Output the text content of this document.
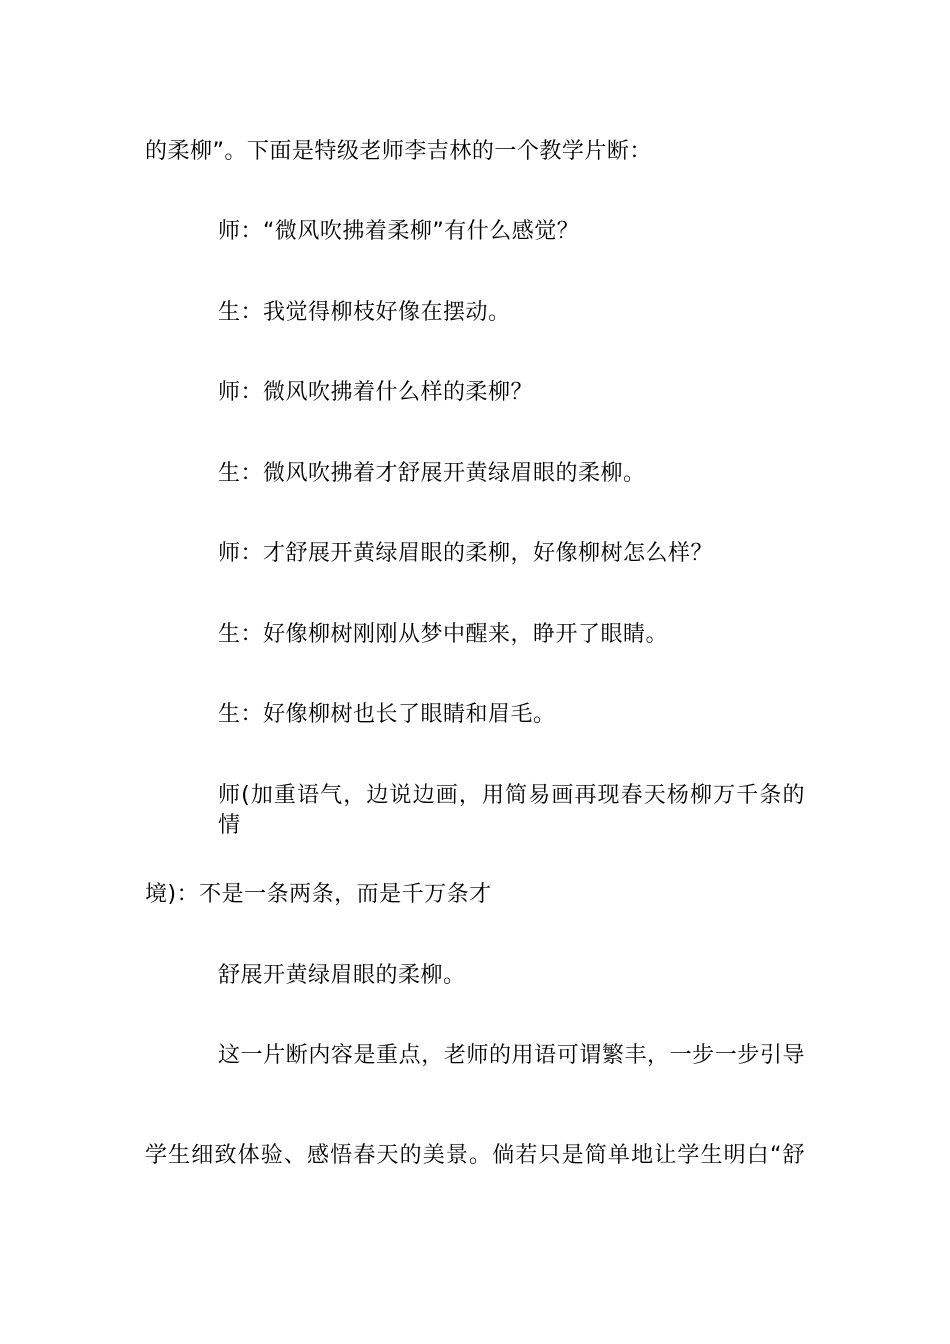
的柔柳”。下面是特级老师李吉林的一个教学片断：
师：“微风吹拂着柔柳”有什么感觉？
生：我觉得柳枝好像在摆动。
师：微风吹拂着什么样的柔柳？
生：微风吹拂着才舒展开黄绿眉眼的柔柳。
师：才舒展开黄绿眉眼的柔柳，好像柳树怎么样？
生：好像柳树刚刚从梦中醒来，睁开了眼睛。
生：好像柳树也长了眼睛和眉毛。
师(加重语气，边说边画，用简易画再现春天杨柳万千条的情
境)：不是一条两条，而是千万条才
舒展开黄绿眉眼的柔柳。
这一片断内容是重点，老师的用语可谓繁丰，一步一步引导
学生细致体验、感悟春天的美景。倘若只是简单地让学生明白“舒
